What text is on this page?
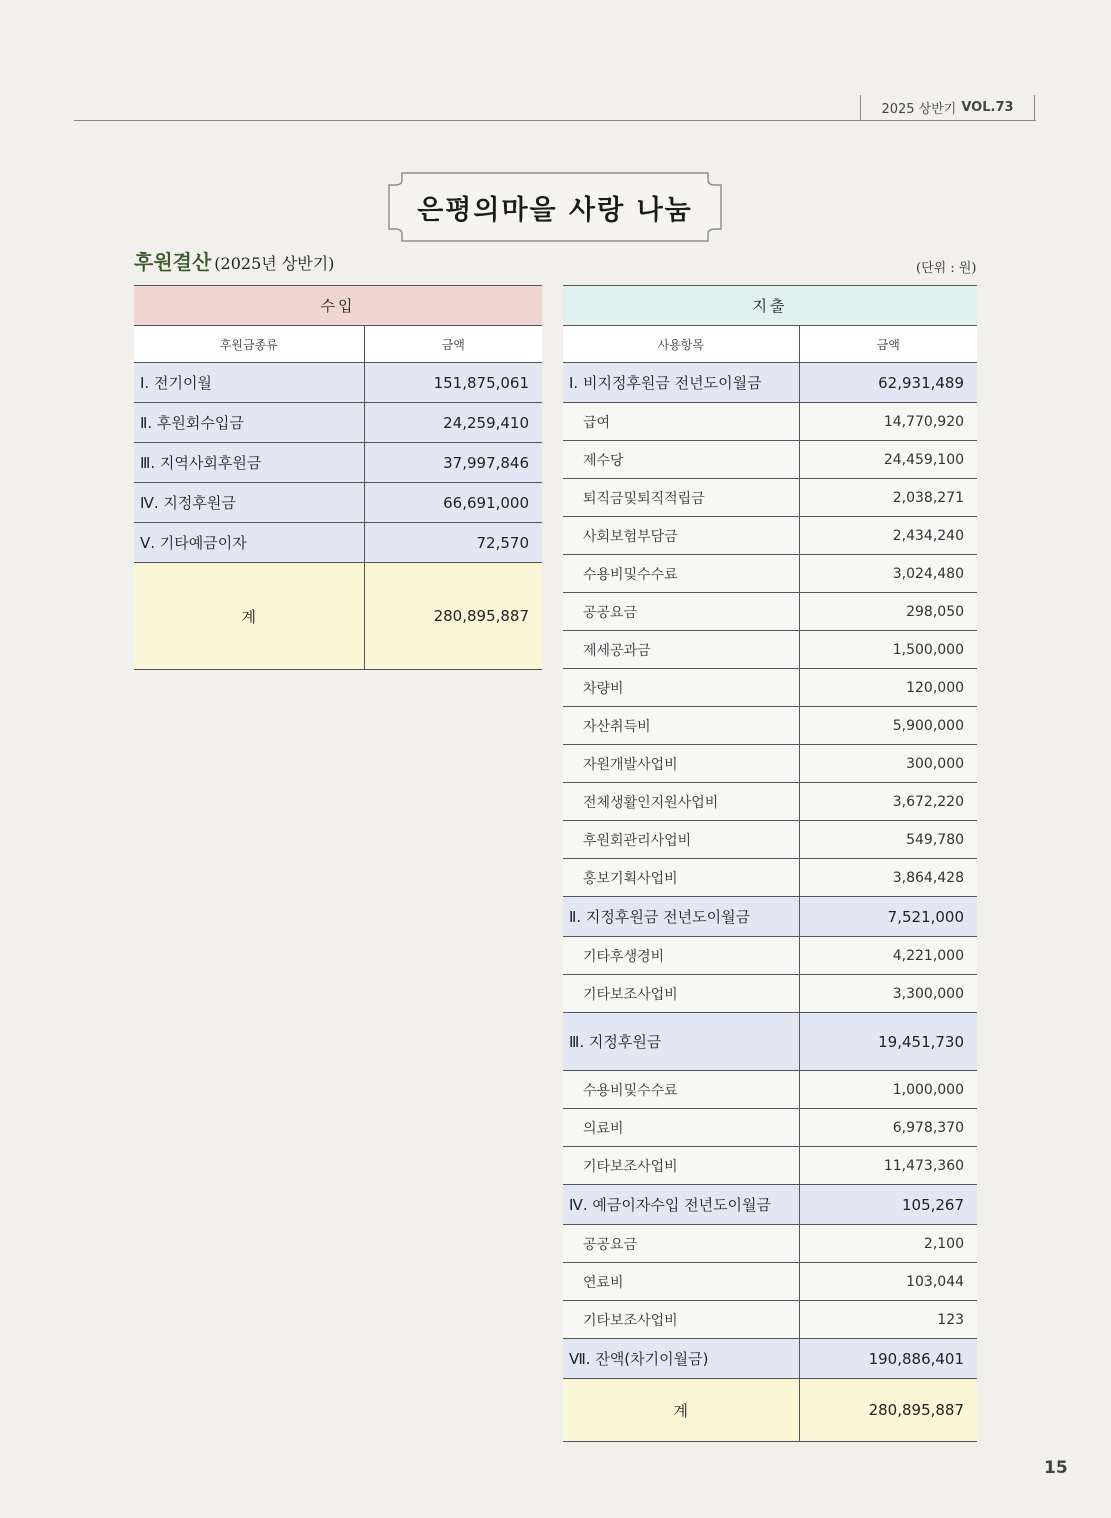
2025 상반기 VOL.73
은평의마을 사랑 나눔
후원결산 (2025년 상반기)	(단위 : 원)
수입	
후원금종류	금액
Ⅰ. 전기이월	151,875,061
Ⅱ. 후원회수입금	24,259,410
Ⅲ. 지역사회후원금	37,997,846
Ⅳ. 지정후원금	66,691,000
Ⅴ. 기타예금이자	72,570
계	280,895,887
지출	
사용항목	금액
Ⅰ. 비지정후원금 전년도이월금	62,931,489
급여	14,770,920
제수당	24,459,100
퇴직금및퇴직적립금	2,038,271
사회보험부담금	2,434,240
수용비및수수료	3,024,480
공공요금	298,050
제세공과금	1,500,000
차량비	120,000
자산취득비	5,900,000
자원개발사업비	300,000
전체생활인지원사업비	3,672,220
후원회관리사업비	549,780
홍보기획사업비	3,864,428
Ⅱ. 지정후원금 전년도이월금	7,521,000
기타후생경비	4,221,000
기타보조사업비	3,300,000
Ⅲ. 지정후원금	19,451,730
수용비및수수료	1,000,000
의료비	6,978,370
기타보조사업비	11,473,360
Ⅳ. 예금이자수입 전년도이월금	105,267
공공요금	2,100
연료비	103,044
기타보조사업비	123
Ⅶ. 잔액(차기이월금)	190,886,401
계	280,895,887
15
